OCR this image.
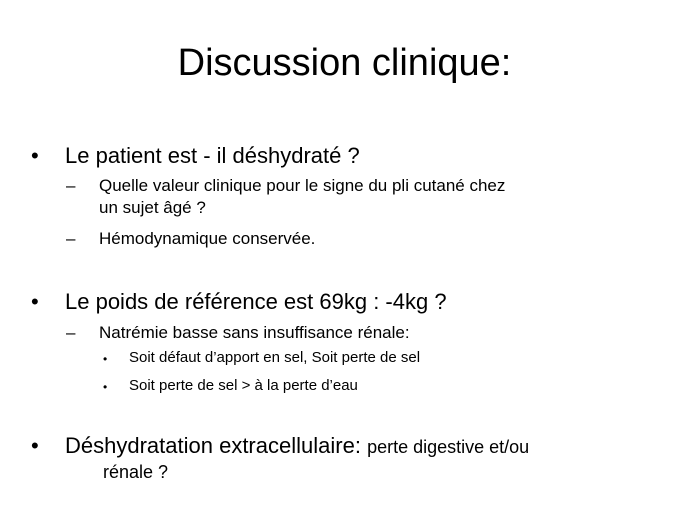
Discussion clinique:
• Le patient est - il déshydraté ?
– Quelle valeur clinique pour le signe du pli cutané chez
un sujet âgé ?
– Hémodynamique conservée.
• Le poids de référence est 69kg : -4kg ?
– Natrémie basse sans insuffisance rénale:
• Soit défaut d’apport en sel, Soit perte de sel
• Soit perte de sel > à la perte d’eau
• Déshydratation extracellulaire: perte digestive et/ou
rénale ?
